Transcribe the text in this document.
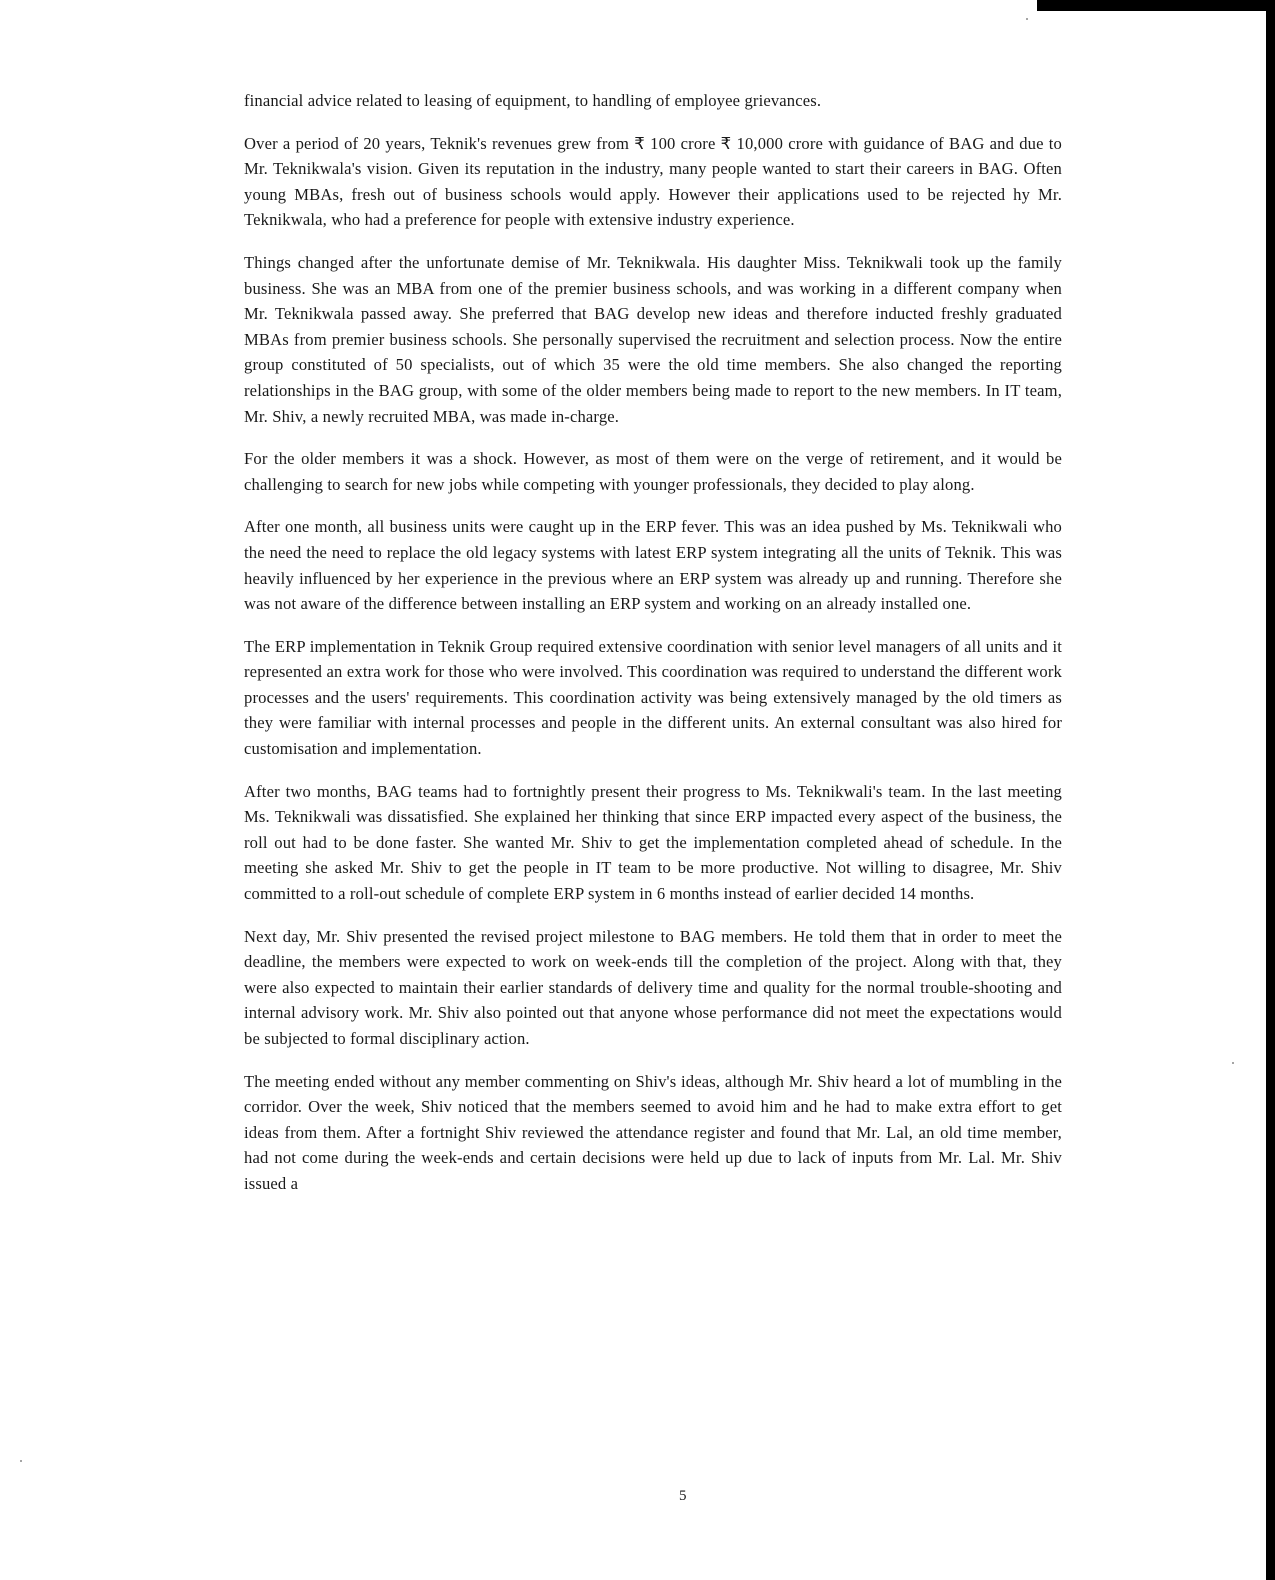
financial advice related to leasing of equipment, to handling of employee grievances.

Over a period of 20 years, Teknik's revenues grew from ₹ 100 crore ₹ 10,000 crore with guidance of BAG and due to Mr. Teknikwala's vision. Given its reputation in the industry, many people wanted to start their careers in BAG. Often young MBAs, fresh out of business schools would apply. However their applications used to be rejected hy Mr. Teknikwala, who had a preference for people with extensive industry experience.

Things changed after the unfortunate demise of Mr. Teknikwala. His daughter Miss. Teknikwali took up the family business. She was an MBA from one of the premier business schools, and was working in a different company when Mr. Teknikwala passed away. She preferred that BAG develop new ideas and therefore inducted freshly graduated MBAs from premier business schools. She personally supervised the recruitment and selection process. Now the entire group constituted of 50 specialists, out of which 35 were the old time members. She also changed the reporting relationships in the BAG group, with some of the older members being made to report to the new members. In IT team, Mr. Shiv, a newly recruited MBA, was made in-charge.

For the older members it was a shock. However, as most of them were on the verge of retirement, and it would be challenging to search for new jobs while competing with younger professionals, they decided to play along.

After one month, all business units were caught up in the ERP fever. This was an idea pushed by Ms. Teknikwali who the need the need to replace the old legacy systems with latest ERP system integrating all the units of Teknik. This was heavily influenced by her experience in the previous where an ERP system was already up and running. Therefore she was not aware of the difference between installing an ERP system and working on an already installed one.

The ERP implementation in Teknik Group required extensive coordination with senior level managers of all units and it represented an extra work for those who were involved. This coordination was required to understand the different work processes and the users' requirements. This coordination activity was being extensively managed by the old timers as they were familiar with internal processes and people in the different units. An external consultant was also hired for customisation and implementation.

After two months, BAG teams had to fortnightly present their progress to Ms. Teknikwali's team. In the last meeting Ms. Teknikwali was dissatisfied. She explained her thinking that since ERP impacted every aspect of the business, the roll out had to be done faster. She wanted Mr. Shiv to get the implementation completed ahead of schedule. In the meeting she asked Mr. Shiv to get the people in IT team to be more productive. Not willing to disagree, Mr. Shiv committed to a roll-out schedule of complete ERP system in 6 months instead of earlier decided 14 months.

Next day, Mr. Shiv presented the revised project milestone to BAG members. He told them that in order to meet the deadline, the members were expected to work on week-ends till the completion of the project. Along with that, they were also expected to maintain their earlier standards of delivery time and quality for the normal trouble-shooting and internal advisory work. Mr. Shiv also pointed out that anyone whose performance did not meet the expectations would be subjected to formal disciplinary action.

The meeting ended without any member commenting on Shiv's ideas, although Mr. Shiv heard a lot of mumbling in the corridor. Over the week, Shiv noticed that the members seemed to avoid him and he had to make extra effort to get ideas from them. After a fortnight Shiv reviewed the attendance register and found that Mr. Lal, an old time member, had not come during the week-ends and certain decisions were held up due to lack of inputs from Mr. Lal. Mr. Shiv issued a

5
